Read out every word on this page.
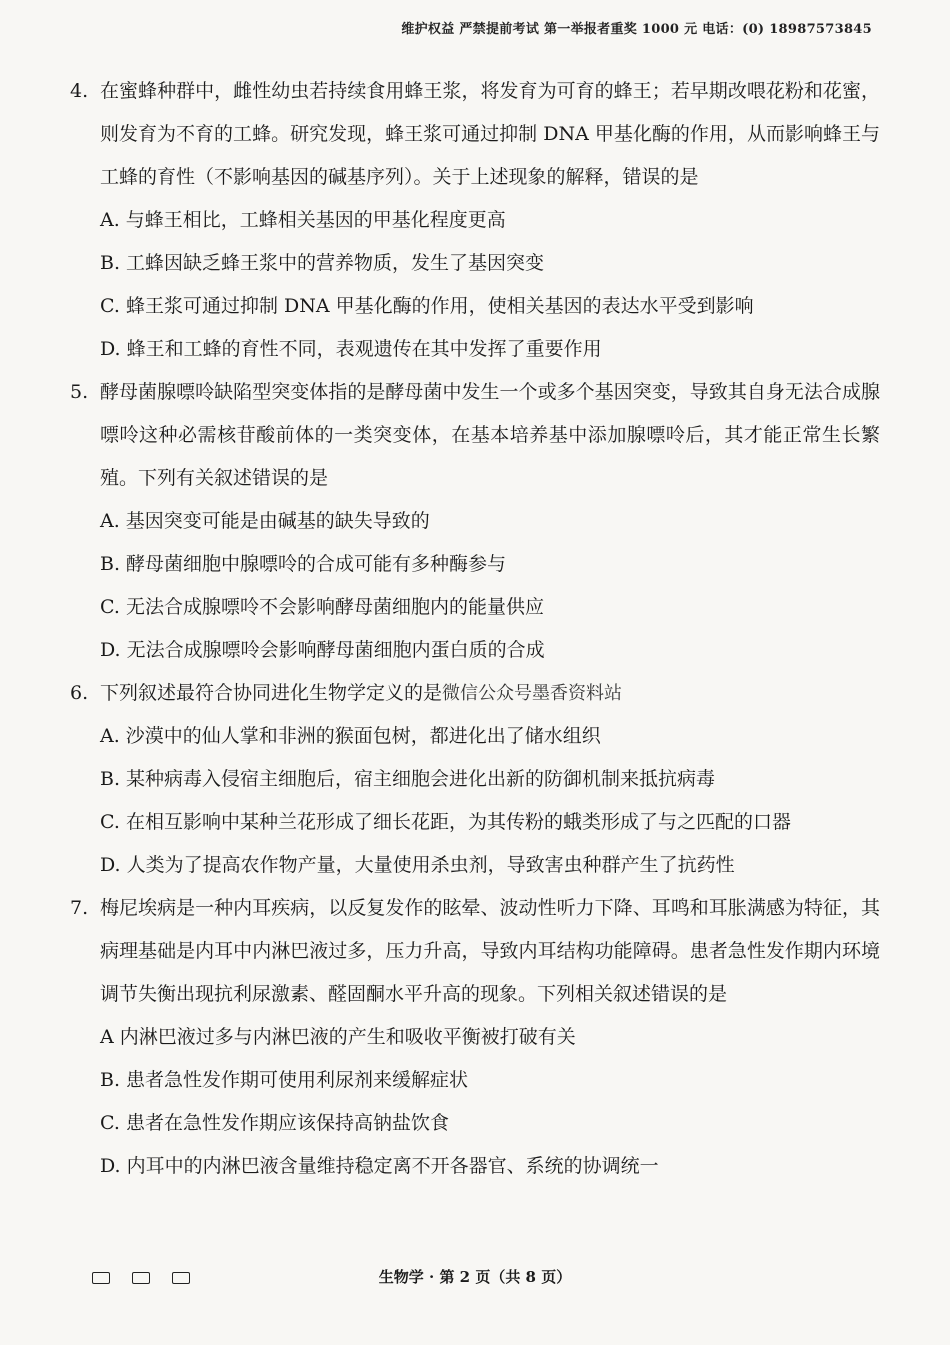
维护权益 严禁提前考试 第一举报者重奖 1000 元 电话：(0) 18987573845
4. 在蜜蜂种群中，雌性幼虫若持续食用蜂王浆，将发育为可育的蜂王；若早期改喂花粉和花蜜，则发育为不育的工蜂。研究发现，蜂王浆可通过抑制 DNA 甲基化酶的作用，从而影响蜂王与工蜂的育性（不影响基因的碱基序列）。关于上述现象的解释，错误的是
A. 与蜂王相比，工蜂相关基因的甲基化程度更高
B. 工蜂因缺乏蜂王浆中的营养物质，发生了基因突变
C. 蜂王浆可通过抑制 DNA 甲基化酶的作用，使相关基因的表达水平受到影响
D. 蜂王和工蜂的育性不同，表观遗传在其中发挥了重要作用
5. 酵母菌腺嘌呤缺陷型突变体指的是酵母菌中发生一个或多个基因突变，导致其自身无法合成腺嘌呤这种必需核苷酸前体的一类突变体，在基本培养基中添加腺嘌呤后，其才能正常生长繁殖。下列有关叙述错误的是
A. 基因突变可能是由碱基的缺失导致的
B. 酵母菌细胞中腺嘌呤的合成可能有多种酶参与
C. 无法合成腺嘌呤不会影响酵母菌细胞内的能量供应
D. 无法合成腺嘌呤会影响酵母菌细胞内蛋白质的合成
6. 下列叙述最符合协同进化生物学定义的是微信公众号墨香资料站
A. 沙漠中的仙人掌和非洲的猴面包树，都进化出了储水组织
B. 某种病毒入侵宿主细胞后，宿主细胞会进化出新的防御机制来抵抗病毒
C. 在相互影响中某种兰花形成了细长花距，为其传粉的蛾类形成了与之匹配的口器
D. 人类为了提高农作物产量，大量使用杀虫剂，导致害虫种群产生了抗药性
7. 梅尼埃病是一种内耳疾病，以反复发作的眩晕、波动性听力下降、耳鸣和耳胀满感为特征，其病理基础是内耳中内淋巴液过多，压力升高，导致内耳结构功能障碍。患者急性发作期内环境调节失衡出现抗利尿激素、醛固酮水平升高的现象。下列相关叙述错误的是
A 内淋巴液过多与内淋巴液的产生和吸收平衡被打破有关
B. 患者急性发作期可使用利尿剂来缓解症状
C. 患者在急性发作期应该保持高钠盐饮食
D. 内耳中的内淋巴液含量维持稳定离不开各器官、系统的协调统一
生物学 · 第 2 页（共 8 页）
